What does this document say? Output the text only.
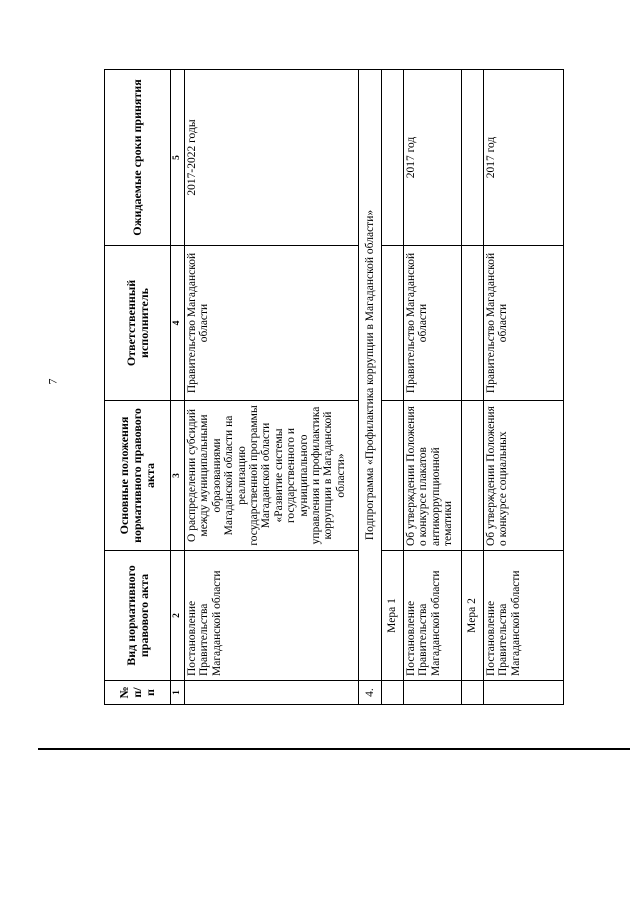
7
№ п/п	Вид нормативного правового акта	Основные положения нормативного правового акта	Ответственный исполнитель	Ожидаемые сроки принятия
1	2	3	4	5
	Постановление Правительства Магаданской области	О распределении субсидий между муниципальными образованиями Магаданской области на реализацию государственной программы Магаданской области «Развитие системы государственного и муниципального управления и профилактика коррупции в Магаданской области»	Правительство Магаданской области	2017-2022 годы
4.	Подпрограмма «Профилактика коррупции в Магаданской области»			
	Мера 1			
	Постановление Правительства Магаданской области	Об утверждении Положения о конкурсе плакатов антикоррупционной тематики	Правительство Магаданской области	2017 год
	Мера 2			
	Постановление Правительства Магаданской области	Об утверждении Положения о конкурсе социальных	Правительство Магаданской области	2017 год
